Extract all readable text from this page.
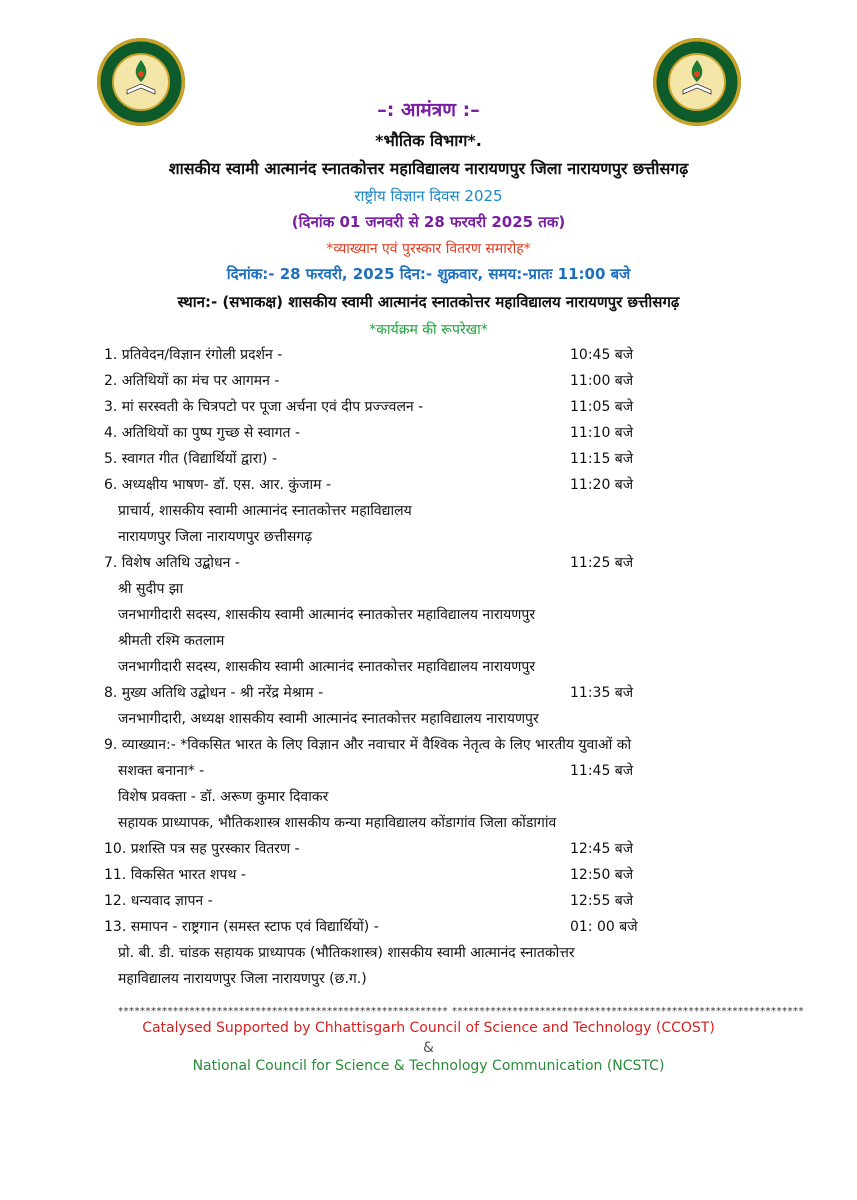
–: आमंत्रण :–
*भौतिक विभाग*.
शासकीय स्वामी आत्मानंद स्नातकोत्तर महाविद्यालय नारायणपुर जिला नारायणपुर छत्तीसगढ़
राष्ट्रीय विज्ञान दिवस 2025
(दिनांक 01 जनवरी से 28 फरवरी 2025 तक)
*व्याख्यान एवं पुरस्कार वितरण समारोह*
दिनांक:- 28 फरवरी, 2025 दिन:- शुक्रवार, समय:-प्रातः 11:00 बजे
स्थान:- (सभाकक्ष) शासकीय स्वामी आत्मानंद स्नातकोत्तर महाविद्यालय नारायणपुर छत्तीसगढ़
*कार्यक्रम की रूपरेखा*
1. प्रतिवेदन/विज्ञान रंगोली प्रदर्शन -	10:45 बजे
2. अतिथियों का मंच पर आगमन -	11:00 बजे
3. मां सरस्वती के चित्रपटो पर पूजा अर्चना एवं दीप प्रज्ज्वलन -	11:05 बजे
4. अतिथियों का पुष्प गुच्छ से स्वागत -	11:10 बजे
5. स्वागत गीत (विद्यार्थियों द्वारा) -	11:15 बजे
6. अध्यक्षीय भाषण- डॉ. एस. आर. कुंजाम -	11:20 बजे
प्राचार्य, शासकीय स्वामी आत्मानंद स्नातकोत्तर महाविद्यालय
नारायणपुर जिला नारायणपुर छत्तीसगढ़
7. विशेष अतिथि उद्बोधन -	11:25 बजे
श्री सुदीप झा
जनभागीदारी सदस्य, शासकीय स्वामी आत्मानंद स्नातकोत्तर महाविद्यालय नारायणपुर
श्रीमती रश्मि कतलाम
जनभागीदारी सदस्य, शासकीय स्वामी आत्मानंद स्नातकोत्तर महाविद्यालय नारायणपुर
8. मुख्य अतिथि उद्बोधन - श्री नरेंद्र मेश्राम -	11:35 बजे
जनभागीदारी, अध्यक्ष शासकीय स्वामी आत्मानंद स्नातकोत्तर महाविद्यालय नारायणपुर
9. व्याख्यान:- *विकसित भारत के लिए विज्ञान और नवाचार में वैश्विक नेतृत्व के लिए भारतीय युवाओं को
सशक्त बनाना* -	11:45 बजे
विशेष प्रवक्ता - डॉ. अरूण कुमार दिवाकर
सहायक प्राध्यापक, भौतिकशास्त्र शासकीय कन्या महाविद्यालय कोंडागांव जिला कोंडागांव
10. प्रशस्ति पत्र सह पुरस्कार वितरण -	12:45 बजे
11. विकसित भारत शपथ -	12:50 बजे
12. धन्यवाद ज्ञापन -	12:55 बजे
13. समापन - राष्ट्रगान (समस्त स्टाफ एवं विद्यार्थियों) -	01: 00 बजे
प्रो. बी. डी. चांडक सहायक प्राध्यापक (भौतिकशास्त्र) शासकीय स्वामी आत्मानंद स्नातकोत्तर
महाविद्यालय नारायणपुर जिला नारायणपुर (छ.ग.)
************************************************************ ****************************************************************
Catalysed Supported by Chhattisgarh Council of Science and Technology (CCOST)
&
National Council for Science & Technology Communication (NCSTC)
